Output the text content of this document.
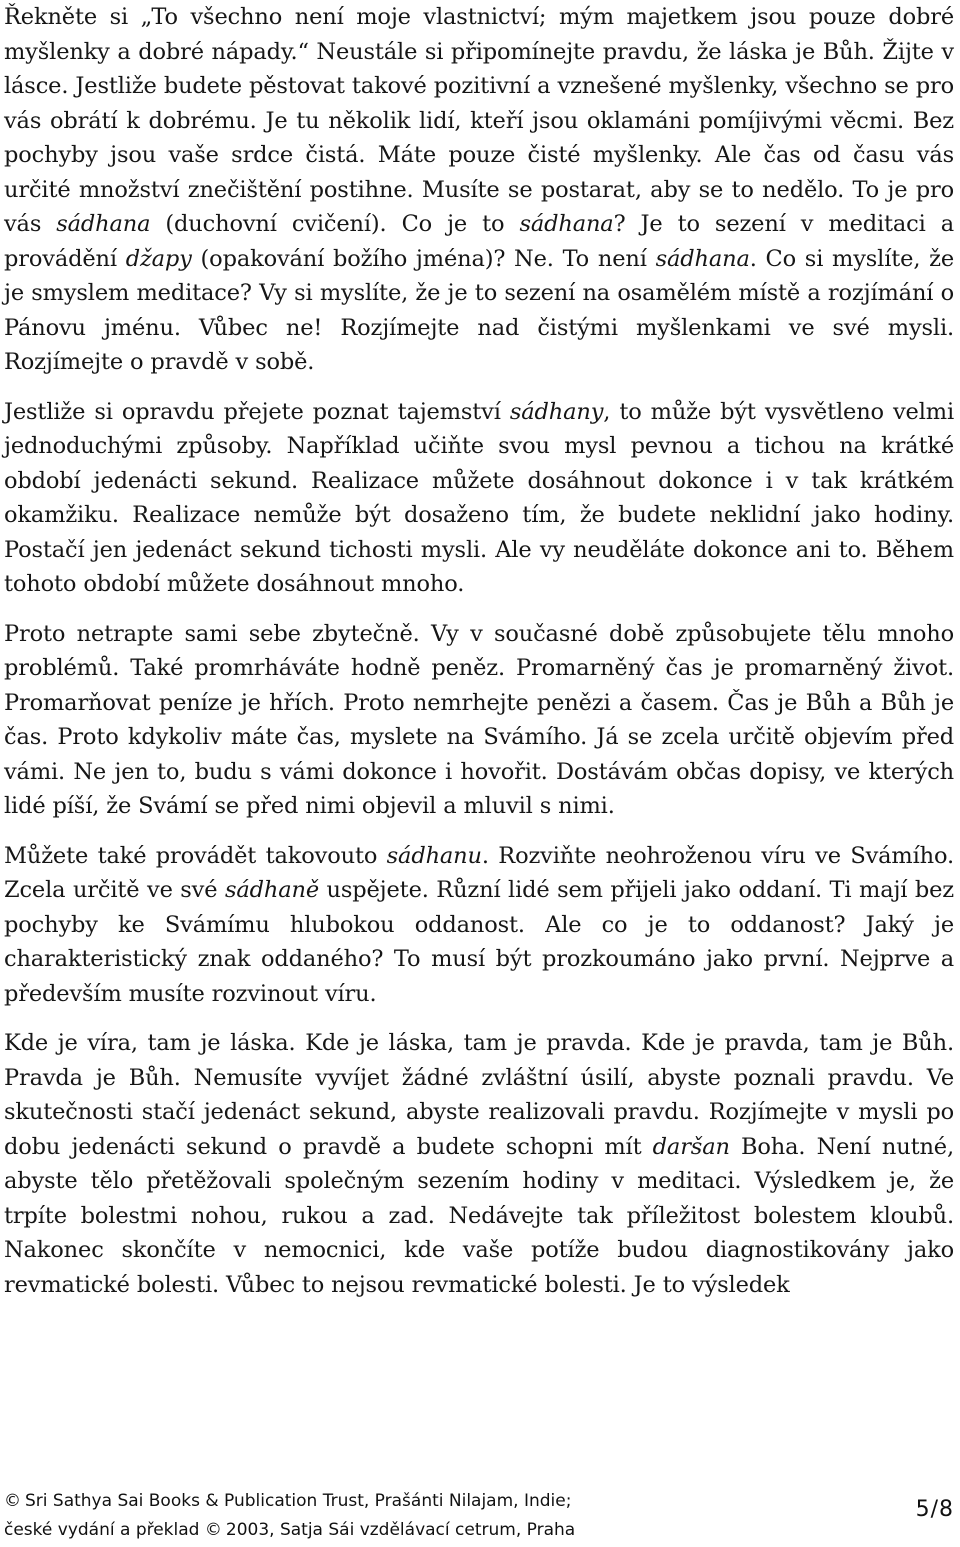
Řekněte si „To všechno není moje vlastnictví; mým majetkem jsou pouze dobré myšlenky a dobré nápady.“ Neustále si připomínejte pravdu, že láska je Bůh. Žijte v lásce. Jestliže budete pěstovat takové pozitivní a vznešené myšlenky, všechno se pro vás obrátí k dobrému. Je tu několik lidí, kteří jsou oklamáni pomíjivými věcmi. Bez pochyby jsou vaše srdce čistá. Máte pouze čisté myšlenky. Ale čas od času vás určité množství znečištění postihne. Musíte se postarat, aby se to nedělo. To je pro vás sádhana (duchovní cvičení). Co je to sádhana? Je to sezení v meditaci a provádění džapy (opakování božího jména)? Ne. To není sádhana. Co si myslíte, že je smyslem meditace? Vy si myslíte, že je to sezení na osamělém místě a rozjímání o Pánovu jménu. Vůbec ne! Rozjímejte nad čistými myšlenkami ve své mysli. Rozjímejte o pravdě v sobě.

Jestliže si opravdu přejete poznat tajemství sádhany, to může být vysvětleno velmi jednoduchými způsoby. Například učiňte svou mysl pevnou a tichou na krátké období jedenácti sekund. Realizace můžete dosáhnout dokonce i v tak krátkém okamžiku. Realizace nemůže být dosaženo tím, že budete neklidní jako hodiny. Postačí jen jedenáct sekund tichosti mysli. Ale vy neuděláte dokonce ani to. Během tohoto období můžete dosáhnout mnoho.

Proto netrapte sami sebe zbytečně. Vy v současné době způsobujete tělu mnoho problémů. Také promrháváte hodně peněz. Promarněný čas je promarněný život. Promarňovat peníze je hřích. Proto nemrhejte penězi a časem. Čas je Bůh a Bůh je čas. Proto kdykoliv máte čas, myslete na Svámího. Já se zcela určitě objevím před vámi. Ne jen to, budu s vámi dokonce i hovořit. Dostávám občas dopisy, ve kterých lidé píší, že Svámí se před nimi objevil a mluvil s nimi.

Můžete také provádět takovouto sádhanu. Rozviňte neohroženou víru ve Svámího. Zcela určitě ve své sádhaně uspějete. Různí lidé sem přijeli jako oddaní. Ti mají bez pochyby ke Svámímu hlubokou oddanost. Ale co je to oddanost? Jaký je charakteristický znak oddaného? To musí být prozkoumáno jako první. Nejprve a především musíte rozvinout víru.

Kde je víra, tam je láska. Kde je láska, tam je pravda. Kde je pravda, tam je Bůh. Pravda je Bůh. Nemusíte vyvíjet žádné zvláštní úsilí, abyste poznali pravdu. Ve skutečnosti stačí jedenáct sekund, abyste realizovali pravdu. Rozjímejte v mysli po dobu jedenácti sekund o pravdě a budete schopni mít daršan Boha. Není nutné, abyste tělo přetěžovali společným sezením hodiny v meditaci. Výsledkem je, že trpíte bolestmi nohou, rukou a zad. Nedávejte tak příležitost bolestem kloubů. Nakonec skončíte v nemocnici, kde vaše potíže budou diagnostikovány jako revmatické bolesti. Vůbec to nejsou revmatické bolesti. Je to výsledek

© Sri Sathya Sai Books & Publication Trust, Prašánti Nilajam, Indie;
české vydání a překlad © 2003, Satja Sái vzdělávací cetrum, Praha
5/8
